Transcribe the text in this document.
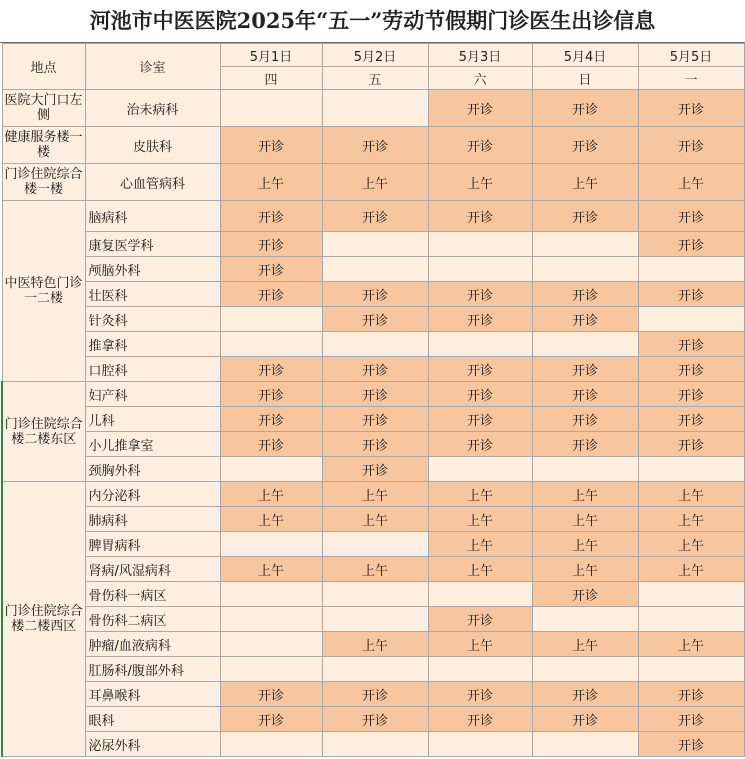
河池市中医医院2025年“五一”劳动节假期门诊医生出诊信息
地点	诊室	5月1日	5月2日	5月3日	5月4日	5月5日
		四	五	六	日	一
医院大门口左侧	治未病科			开诊	开诊	开诊
健康服务楼一楼	皮肤科	开诊	开诊	开诊	开诊	开诊
门诊住院综合楼一楼	心血管病科	上午	上午	上午	上午	上午
中医特色门诊一二楼	脑病科	开诊	开诊	开诊	开诊	开诊
	康复医学科	开诊				开诊
	颅脑外科	开诊				
	壮医科	开诊	开诊	开诊	开诊	开诊
	针灸科		开诊	开诊	开诊	
	推拿科					开诊
	口腔科	开诊	开诊	开诊	开诊	开诊
门诊住院综合楼二楼东区	妇产科	开诊	开诊	开诊	开诊	开诊
	儿科	开诊	开诊	开诊	开诊	开诊
	小儿推拿室	开诊	开诊	开诊	开诊	开诊
	颈胸外科		开诊			
门诊住院综合楼二楼西区	内分泌科	上午	上午	上午	上午	上午
	肺病科	上午	上午	上午	上午	上午
	脾胃病科			上午	上午	上午
	肾病/风湿病科	上午	上午	上午	上午	上午
	骨伤科一病区				开诊	
	骨伤科二病区			开诊		
	肿瘤/血液病科		上午	上午	上午	上午
	肛肠科/腹部外科					
	耳鼻喉科	开诊	开诊	开诊	开诊	开诊
	眼科	开诊	开诊	开诊	开诊	开诊
	泌尿外科					开诊
